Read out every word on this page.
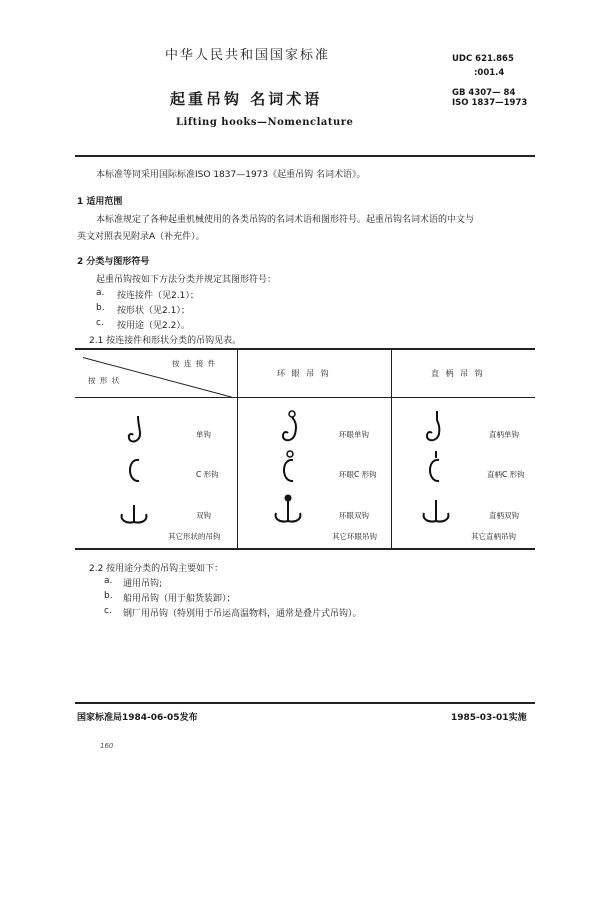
中华人民共和国国家标准
起重吊钩 名词术语
Lifting hooks—Nomenclature
UDC 621.865
:001.4
GB 4307— 84
ISO 1837—1973
本标准等同采用国际标准ISO 1837—1973《起重吊钩 名词术语》。
1 适用范围
本标准规定了各种起重机械使用的各类吊钩的名词术语和图形符号。起重吊钩名词术语的中文与
英文对照表见附录A（补充件）。
2 分类与图形符号
起重吊钩按如下方法分类并规定其图形符号：
a. 按连接件（见2.1）；
b. 按形状（见2.1）；
c. 按用途（见2.2）。
2.1 按连接件和形状分类的吊钩见表。
按 连 接 件
按 形 状
环 眼 吊 钩	直 柄 吊 钩
单钩
C 形钩
双钩
其它形状的吊钩
环眼单钩
环眼C 形钩
环眼双钩
其它环眼吊钩
直柄单钩
直柄C 形钩
直柄双钩
其它直柄吊钩
2.2 按用途分类的吊钩主要如下：
a. 通用吊钩;
b. 船用吊钩（用于船货装卸）；
c. 钢厂用吊钩（特别用于吊运高温物料，通常是叠片式吊钩）。
国家标准局1984-06-05发布	1985-03-01实施
160
